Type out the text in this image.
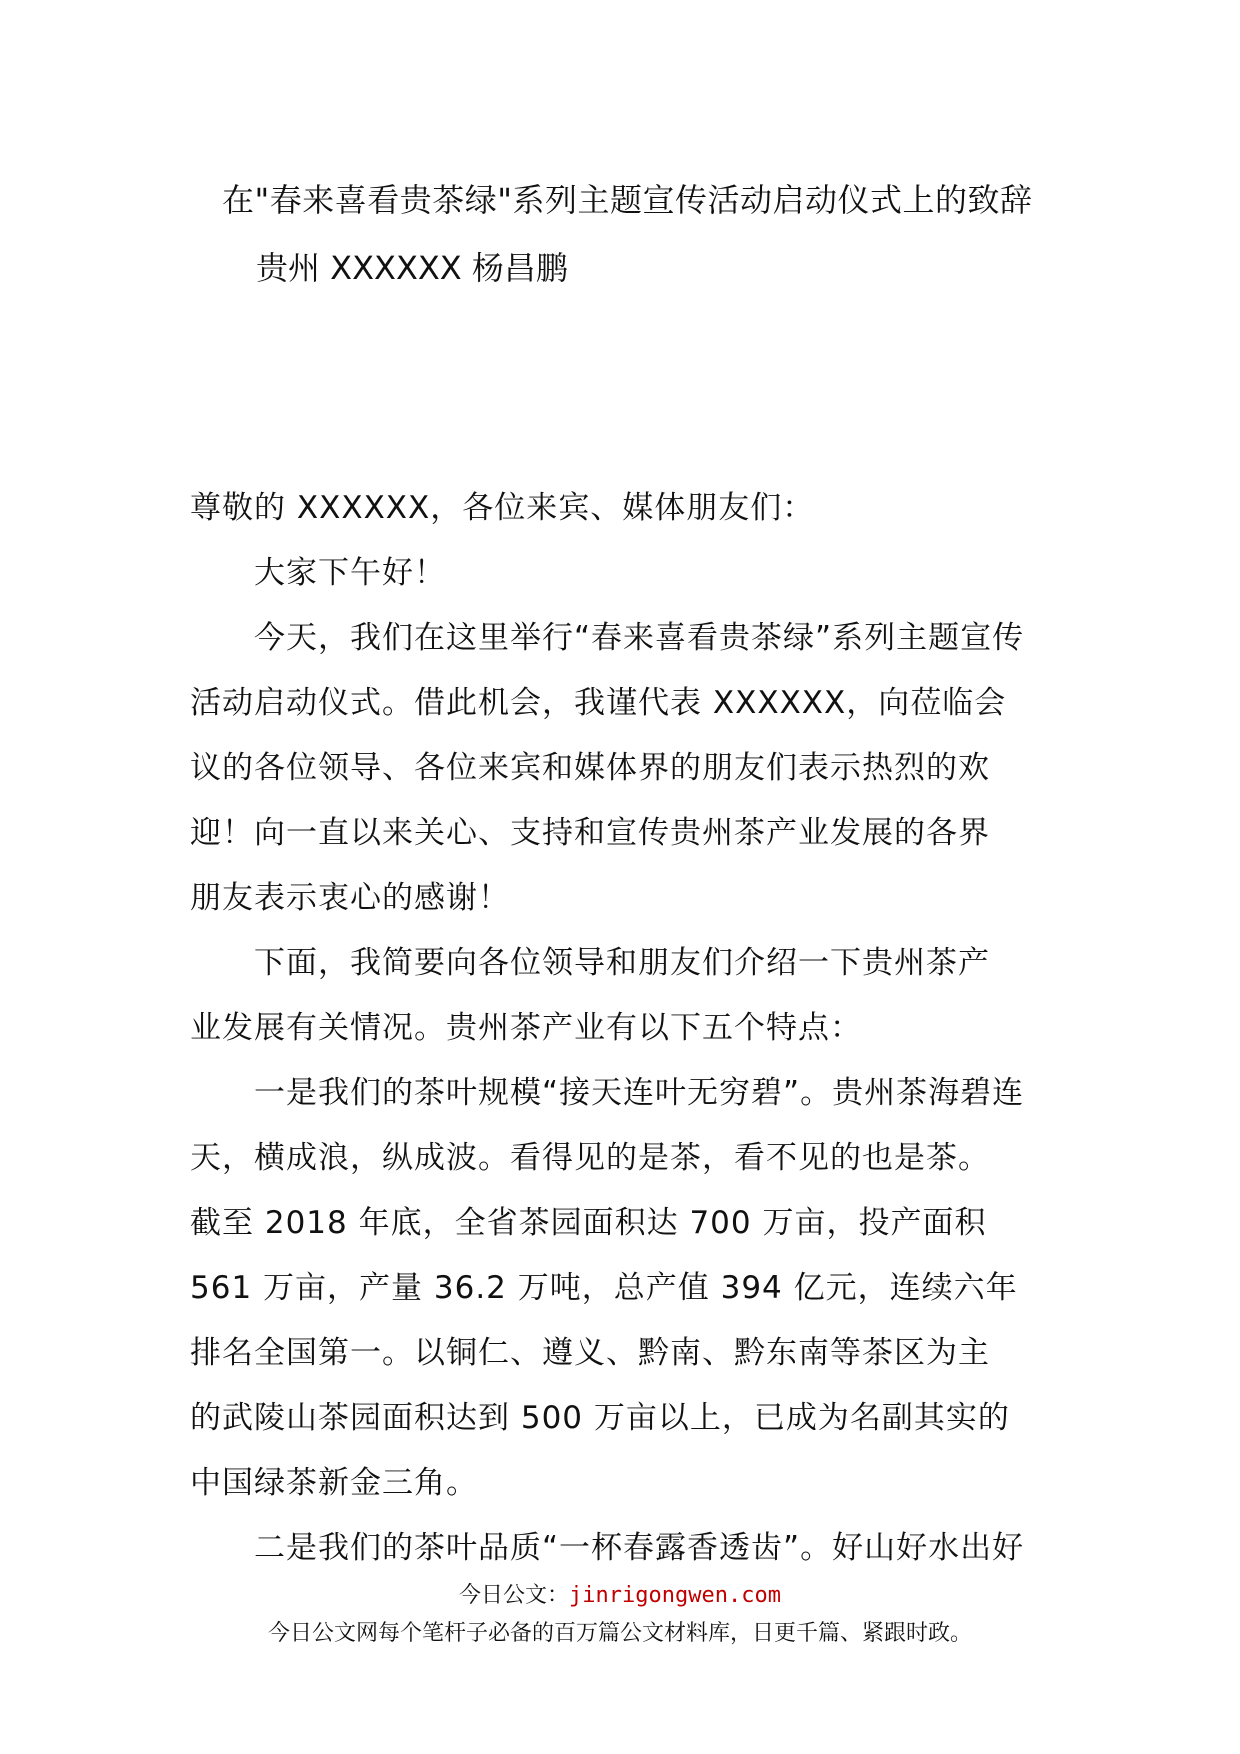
在"春来喜看贵茶绿"系列主题宣传活动启动仪式上的致辞
贵州 XXXXXX 杨昌鹏
尊敬的 XXXXXX，各位来宾、媒体朋友们：
大家下午好！
今天，我们在这里举行“春来喜看贵茶绿”系列主题宣传
活动启动仪式。借此机会，我谨代表 XXXXXX，向莅临会
议的各位领导、各位来宾和媒体界的朋友们表示热烈的欢
迎！向一直以来关心、支持和宣传贵州茶产业发展的各界
朋友表示衷心的感谢！
下面，我简要向各位领导和朋友们介绍一下贵州茶产
业发展有关情况。贵州茶产业有以下五个特点：
一是我们的茶叶规模“接天连叶无穷碧”。贵州茶海碧连
天，横成浪，纵成波。看得见的是茶，看不见的也是茶。
截至 2018 年底，全省茶园面积达 700 万亩，投产面积
561 万亩，产量 36.2 万吨，总产值 394 亿元，连续六年
排名全国第一。以铜仁、遵义、黔南、黔东南等茶区为主
的武陵山茶园面积达到 500 万亩以上，已成为名副其实的
中国绿茶新金三角。
二是我们的茶叶品质“一杯春露香透齿”。好山好水出好
今日公文：jinrigongwen.com
今日公文网每个笔杆子必备的百万篇公文材料库，日更千篇、紧跟时政。
